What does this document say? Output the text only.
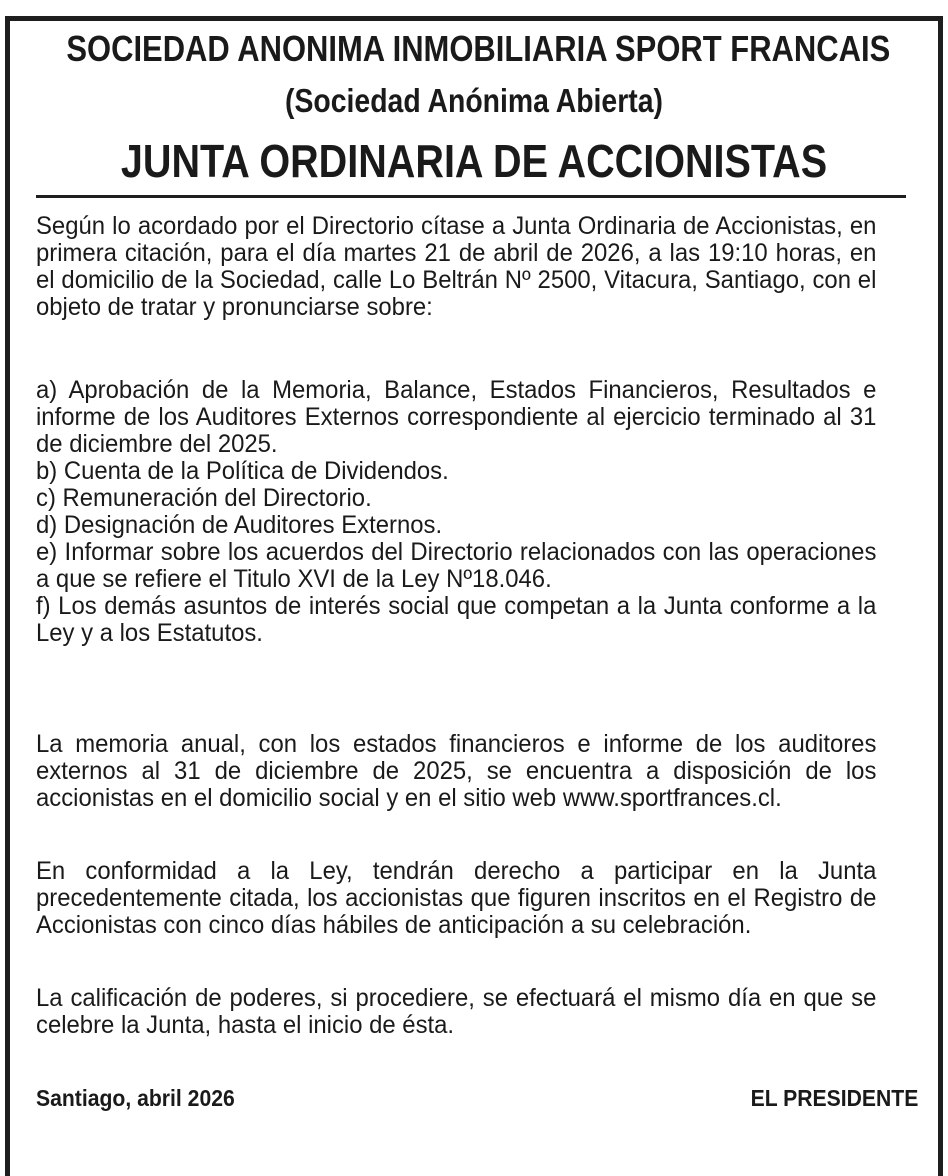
SOCIEDAD ANONIMA INMOBILIARIA SPORT FRANCAIS
(Sociedad Anónima Abierta)
JUNTA ORDINARIA DE ACCIONISTAS
Según lo acordado por el Directorio cítase a Junta Ordinaria de Accionistas, en primera citación, para el día martes 21 de abril de 2026, a las 19:10 horas, en el domicilio de la Sociedad, calle Lo Beltrán Nº 2500, Vitacura, Santiago, con el objeto de tratar y pronunciarse sobre:
a) Aprobación de la Memoria, Balance, Estados Financieros, Resultados e informe de los Auditores Externos correspondiente al ejercicio terminado al 31 de diciembre del 2025.
b) Cuenta de la Política de Dividendos.
c) Remuneración del Directorio.
d) Designación de Auditores Externos.
e) Informar sobre los acuerdos del Directorio relacionados con las operaciones a que se refiere el Titulo XVI de la Ley Nº18.046.
f) Los demás asuntos de interés social que competan a la Junta conforme a la Ley y a los Estatutos.
La memoria anual, con los estados financieros e informe de los auditores externos al 31 de diciembre de 2025, se encuentra a disposición de los accionistas en el domicilio social y en el sitio web www.sportfrances.cl.
En conformidad a la Ley, tendrán derecho a participar en la Junta precedentemente citada, los accionistas que figuren inscritos en el Registro de Accionistas con cinco días hábiles de anticipación a su celebración.
La calificación de poderes, si procediere, se efectuará el mismo día en que se celebre la Junta, hasta el inicio de ésta.
Santiago, abril 2026	EL PRESIDENTE
